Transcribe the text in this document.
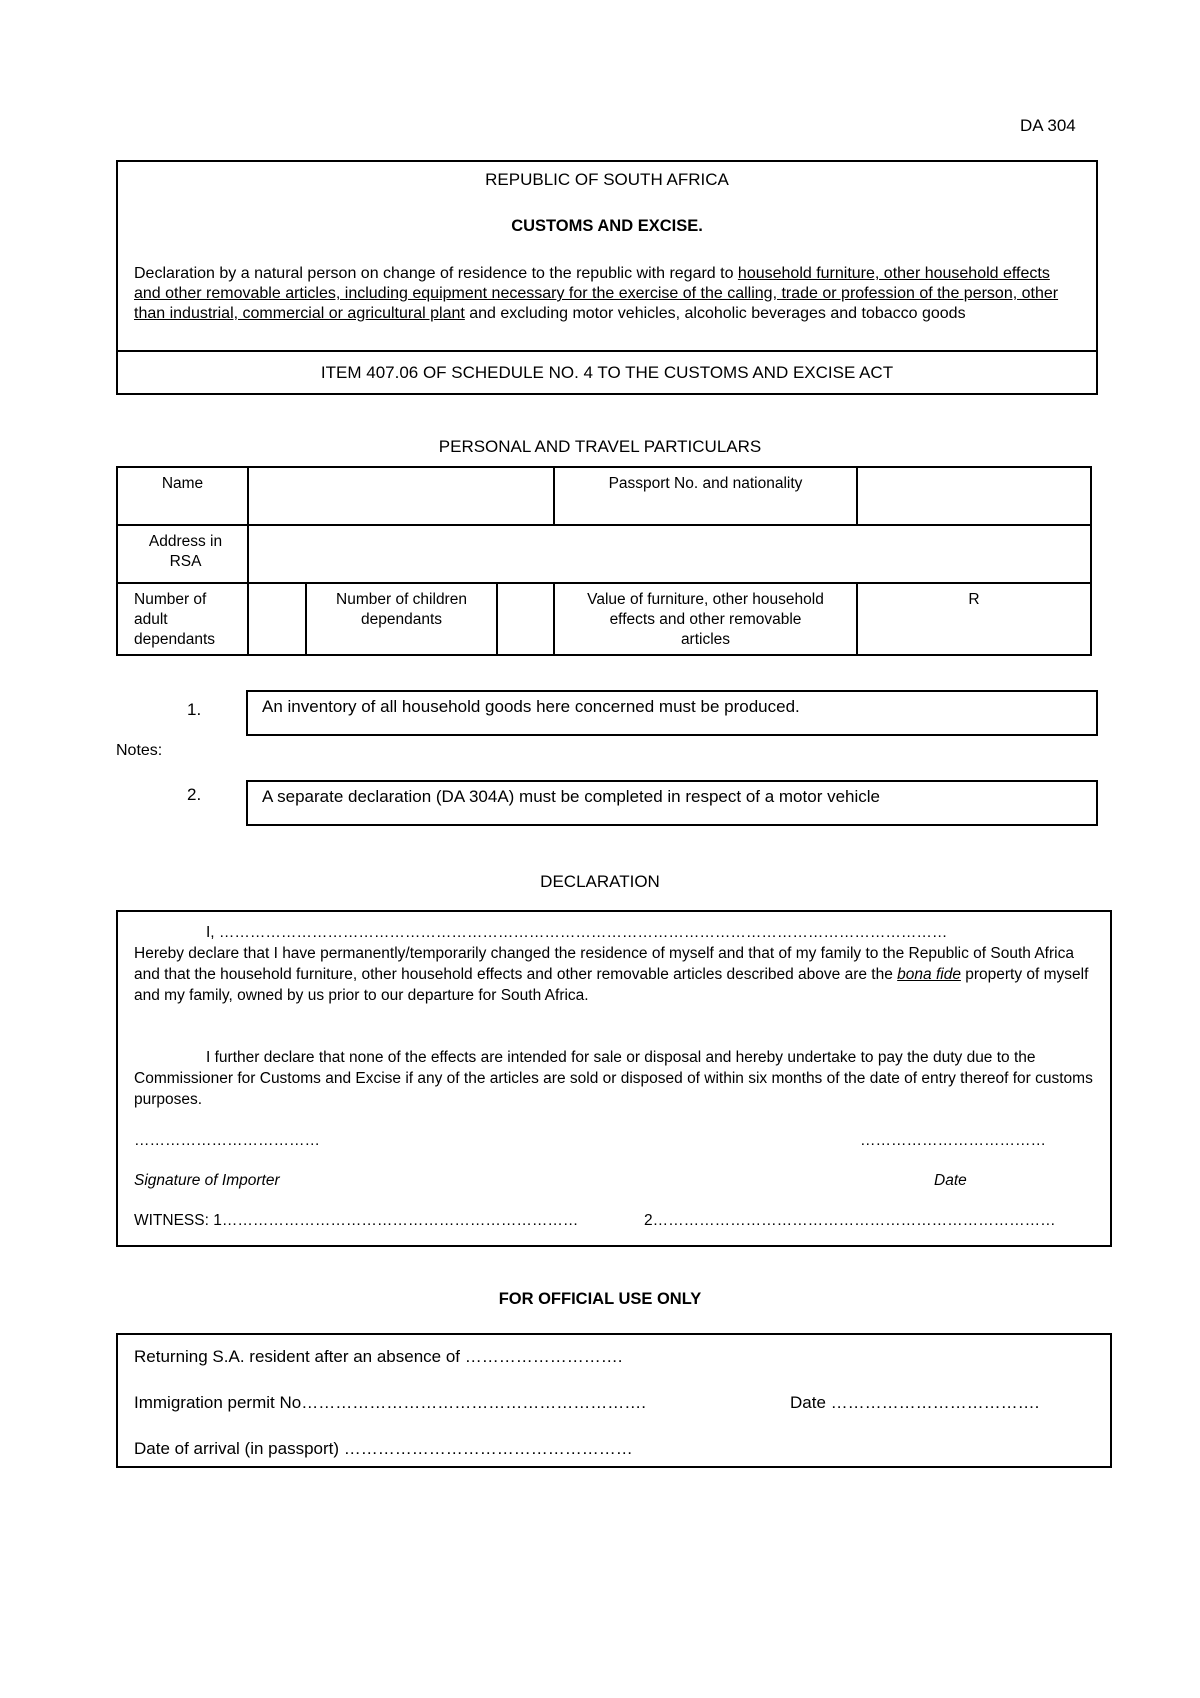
DA 304
REPUBLIC OF SOUTH AFRICA
CUSTOMS AND EXCISE.
Declaration by a natural person on change of residence to the republic with regard to household furniture, other household effects and other removable articles, including equipment necessary for the exercise of the calling, trade or profession of the person, other than industrial, commercial or agricultural plant and excluding motor vehicles, alcoholic beverages and tobacco goods
ITEM 407.06 OF SCHEDULE NO. 4 TO THE CUSTOMS AND EXCISE ACT
PERSONAL AND TRAVEL PARTICULARS
Name				Passport No. and nationality	

Address in RSA					

Number of adult dependants		Number of children dependants		Value of furniture, other household effects and other removable articles	R
1.	An inventory of all household goods here concerned must be produced.
Notes:
2.	A separate declaration (DA 304A) must be completed in respect of a motor vehicle
DECLARATION
I, ……………………………………………………………………………………………………………………………
Hereby declare that I have permanently/temporarily changed the residence of myself and that of my family to the Republic of South Africa and that the household furniture, other household effects and other removable articles described above are the bona fide property of myself and my family, owned by us prior to our departure for South Africa.
I further declare that none of the effects are intended for sale or disposal and hereby undertake to pay the duty due to the Commissioner for Customs and Excise if any of the articles are sold or disposed of within six months of the date of entry thereof for customs purposes.
………………………………	………………………………
Signature of Importer	Date
WITNESS: 1……………………………………………………………	2……………………………………………………………………
FOR OFFICIAL USE ONLY
Returning S.A. resident after an absence of ……………………….
Immigration permit No…………………………………………………….	Date ……………………………….
Date of arrival (in passport) ……………………………………………
